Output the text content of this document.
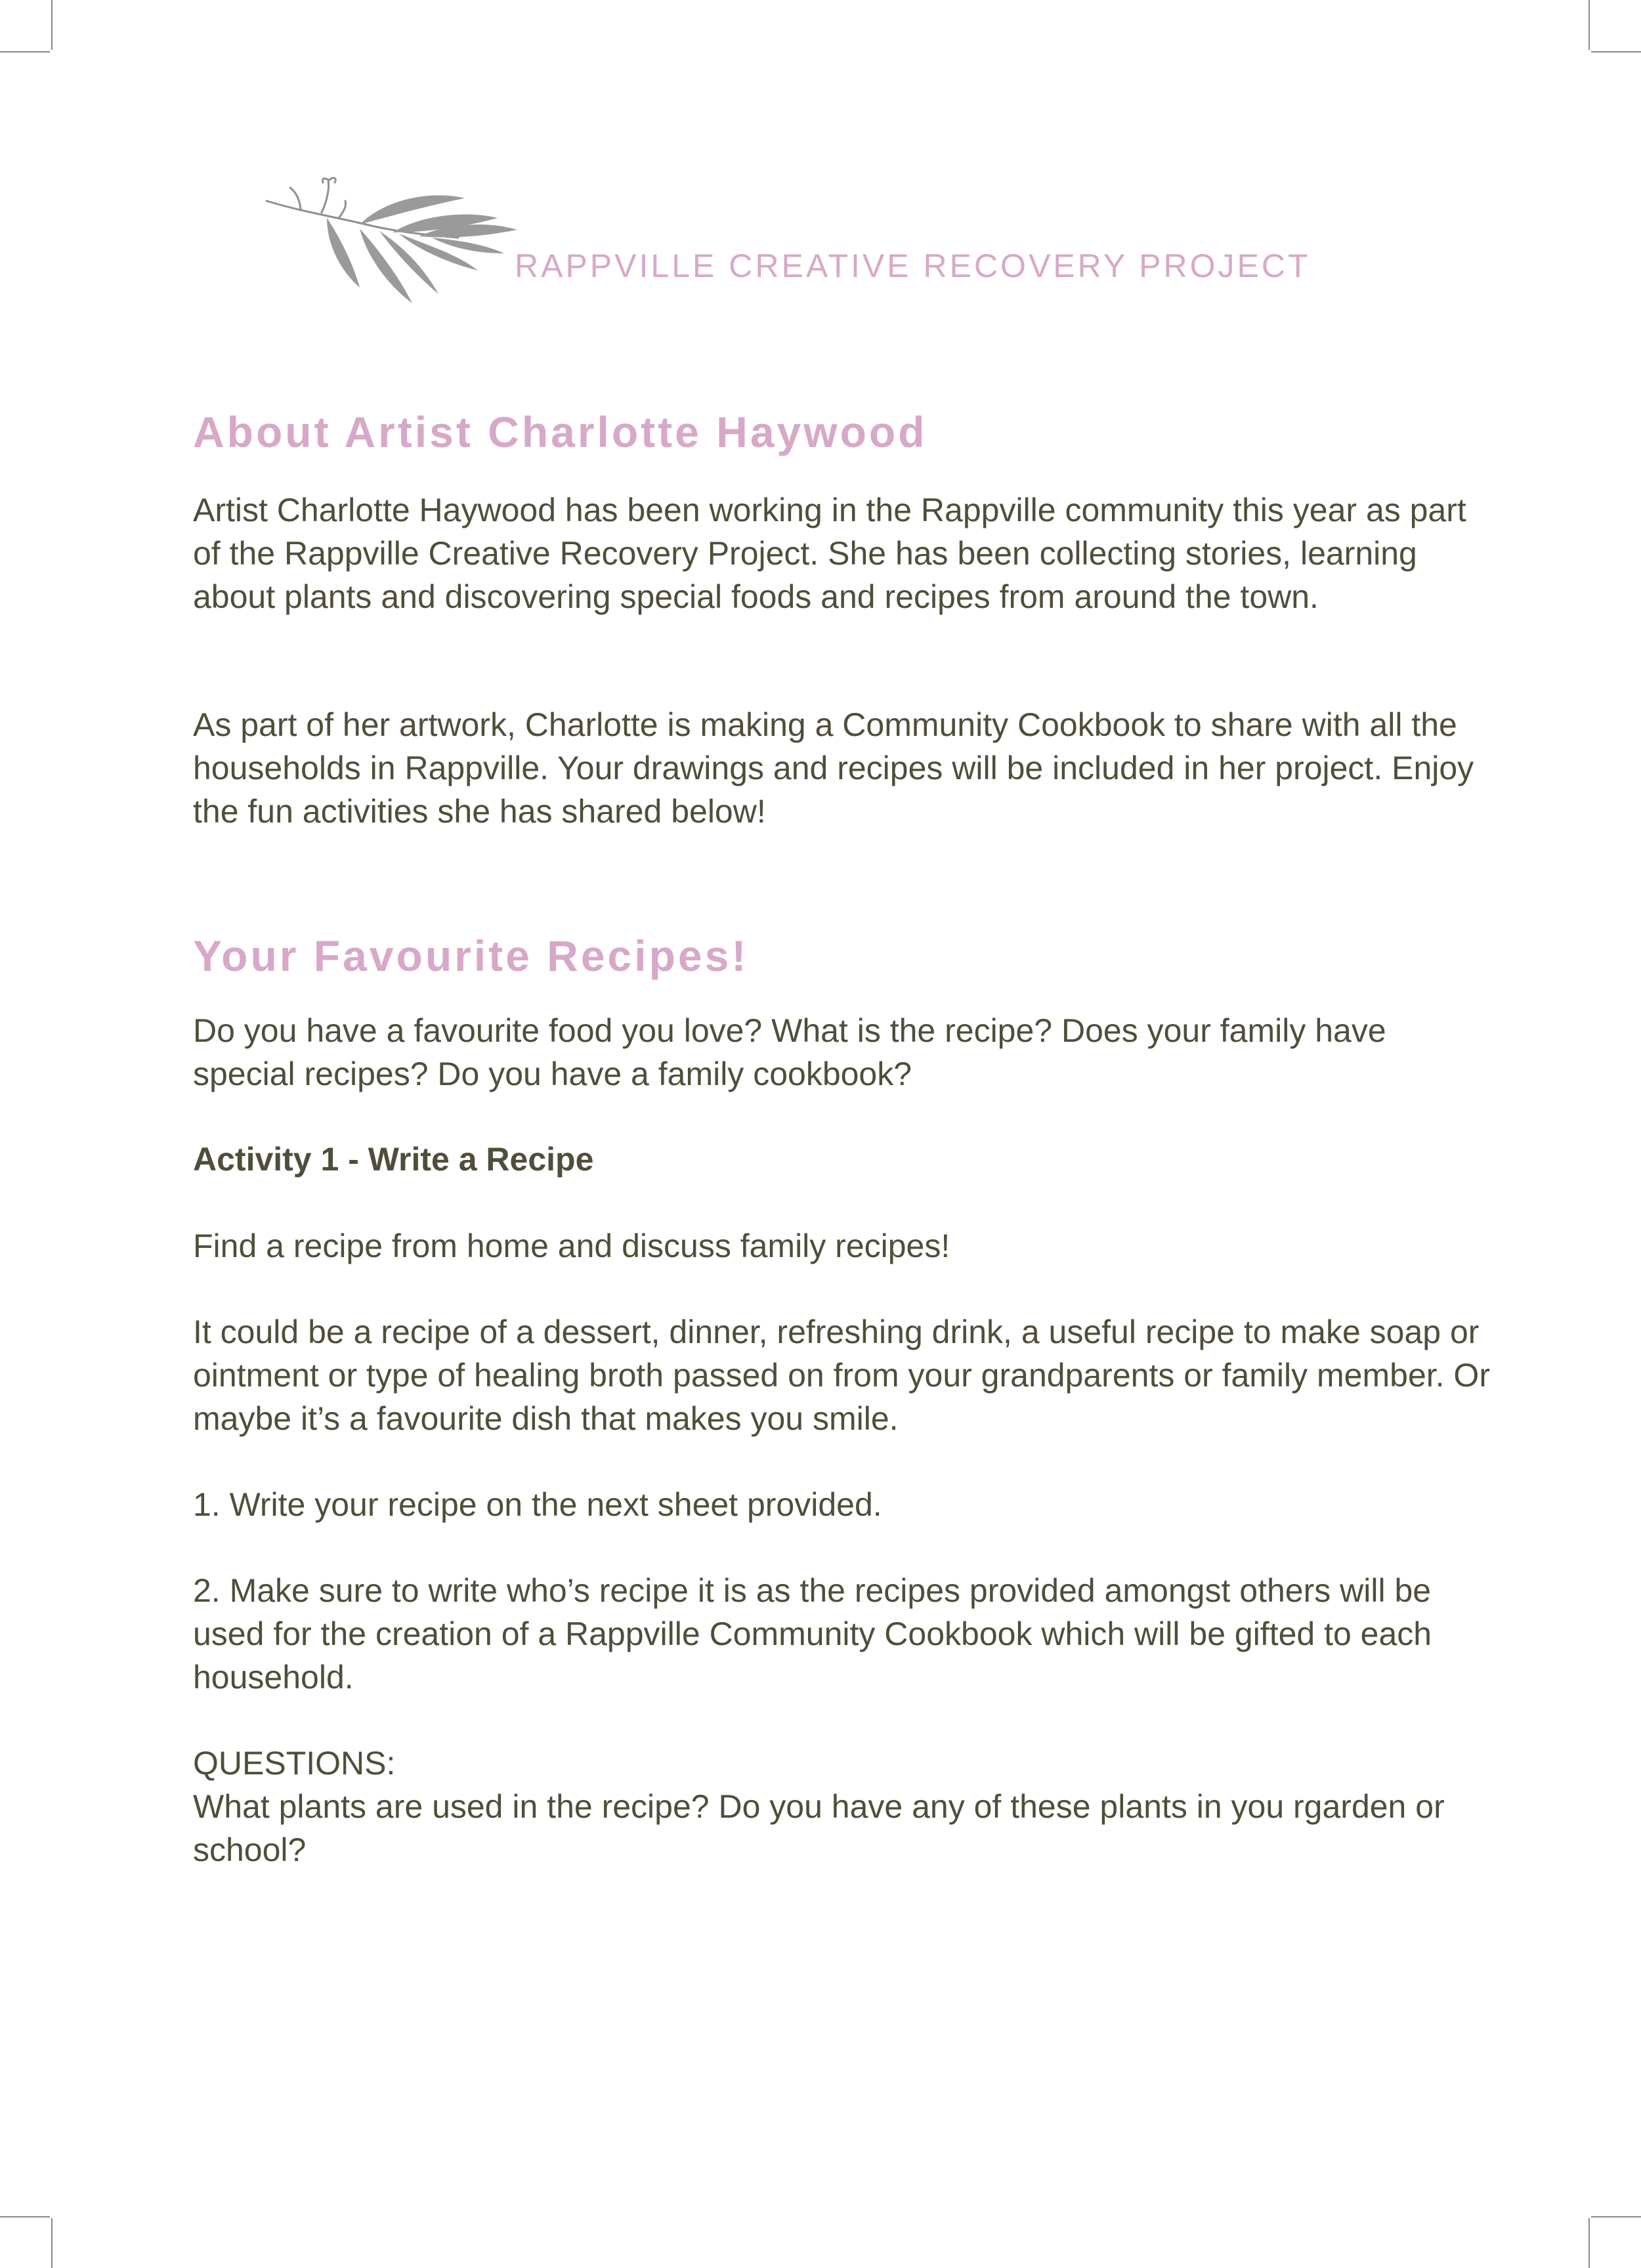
RAPPVILLE CREATIVE RECOVERY PROJECT
About Artist Charlotte Haywood

Artist Charlotte Haywood has been working in the Rappville community this year as part of the Rappville Creative Recovery Project. She has been collecting stories, learning about plants and discovering special foods and recipes from around the town.

As part of her artwork, Charlotte is making a Community Cookbook to share with all the households in Rappville. Your drawings and recipes will be included in her project. Enjoy the fun activities she has shared below!

Your Favourite Recipes!

Do you have a favourite food you love? What is the recipe? Does your family have special recipes? Do you have a family cookbook?

Activity 1 - Write a Recipe

Find a recipe from home and discuss family recipes!

It could be a recipe of a dessert, dinner, refreshing drink, a useful recipe to make soap or ointment or type of healing broth passed on from your grandparents or family member. Or maybe it’s a favourite dish that makes you smile.

1. Write your recipe on the next sheet provided.

2. Make sure to write who’s recipe it is as the recipes provided amongst others will be used for the creation of a Rappville Community Cookbook which will be gifted to each household.

QUESTIONS:

What plants are used in the recipe? Do you have any of these plants in you rgarden or school?
